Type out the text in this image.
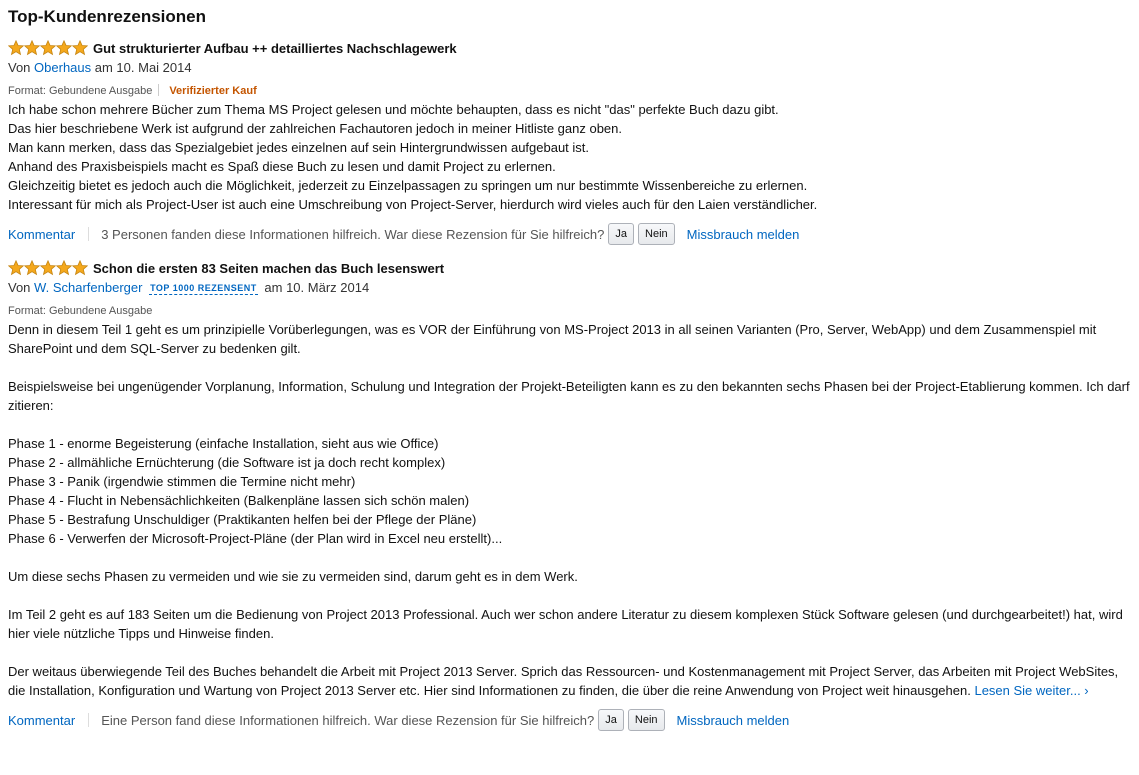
Top-Kundenrezensionen
Gut strukturierter Aufbau ++ detailliertes Nachschlagewerk
Von Oberhaus am 10. Mai 2014
Format: Gebundene Ausgabe Verifizierter Kauf

Ich habe schon mehrere Bücher zum Thema MS Project gelesen und möchte behaupten, dass es nicht "das" perfekte Buch dazu gibt.

Das hier beschriebene Werk ist aufgrund der zahlreichen Fachautoren jedoch in meiner Hitliste ganz oben.

Man kann merken, dass das Spezialgebiet jedes einzelnen auf sein Hintergrundwissen aufgebaut ist.

Anhand des Praxisbeispiels macht es Spaß diese Buch zu lesen und damit Project zu erlernen.

Gleichzeitig bietet es jedoch auch die Möglichkeit, jederzeit zu Einzelpassagen zu springen um nur bestimmte Wissenbereiche zu erlernen.

Interessant für mich als Project-User ist auch eine Umschreibung von Project-Server, hierdurch wird vieles auch für den Laien verständlicher.

Kommentar 3 Personen fanden diese Informationen hilfreich. War diese Rezension für Sie hilfreich?	Ja	Nein	Missbrauch melden
Schon die ersten 83 Seiten machen das Buch lesenswert
Von W. Scharfenberger TOP 1000 REZENSENT am 10. März 2014
Format: Gebundene Ausgabe

Denn in diesem Teil 1 geht es um prinzipielle Vorüberlegungen, was es VOR der Einführung von MS-Project 2013 in all seinen Varianten (Pro, Server, WebApp) und dem Zusammenspiel mit SharePoint und dem SQL-Server zu bedenken gilt.

Beispielsweise bei ungenügender Vorplanung, Information, Schulung und Integration der Projekt-Beteiligten kann es zu den bekannten sechs Phasen bei der Project-Etablierung kommen. Ich darf zitieren:

Phase 1 - enorme Begeisterung (einfache Installation, sieht aus wie Office)

Phase 2 - allmähliche Ernüchterung (die Software ist ja doch recht komplex)

Phase 3 - Panik (irgendwie stimmen die Termine nicht mehr)

Phase 4 - Flucht in Nebensächlichkeiten (Balkenpläne lassen sich schön malen)

Phase 5 - Bestrafung Unschuldiger (Praktikanten helfen bei der Pflege der Pläne)

Phase 6 - Verwerfen der Microsoft-Project-Pläne (der Plan wird in Excel neu erstellt)...

Um diese sechs Phasen zu vermeiden und wie sie zu vermeiden sind, darum geht es in dem Werk.

Im Teil 2 geht es auf 183 Seiten um die Bedienung von Project 2013 Professional. Auch wer schon andere Literatur zu diesem komplexen Stück Software gelesen (und durchgearbeitet!) hat, wird hier viele nützliche Tipps und Hinweise finden.

Der weitaus überwiegende Teil des Buches behandelt die Arbeit mit Project 2013 Server. Sprich das Ressourcen- und Kostenmanagement mit Project Server, das Arbeiten mit Project WebSites, die Installation, Konfiguration und Wartung von Project 2013 Server etc. Hier sind Informationen zu finden, die über die reine Anwendung von Project weit hinausgehen. Lesen Sie weiter... ›

Kommentar Eine Person fand diese Informationen hilfreich. War diese Rezension für Sie hilfreich?	Ja	Nein	Missbrauch melden
